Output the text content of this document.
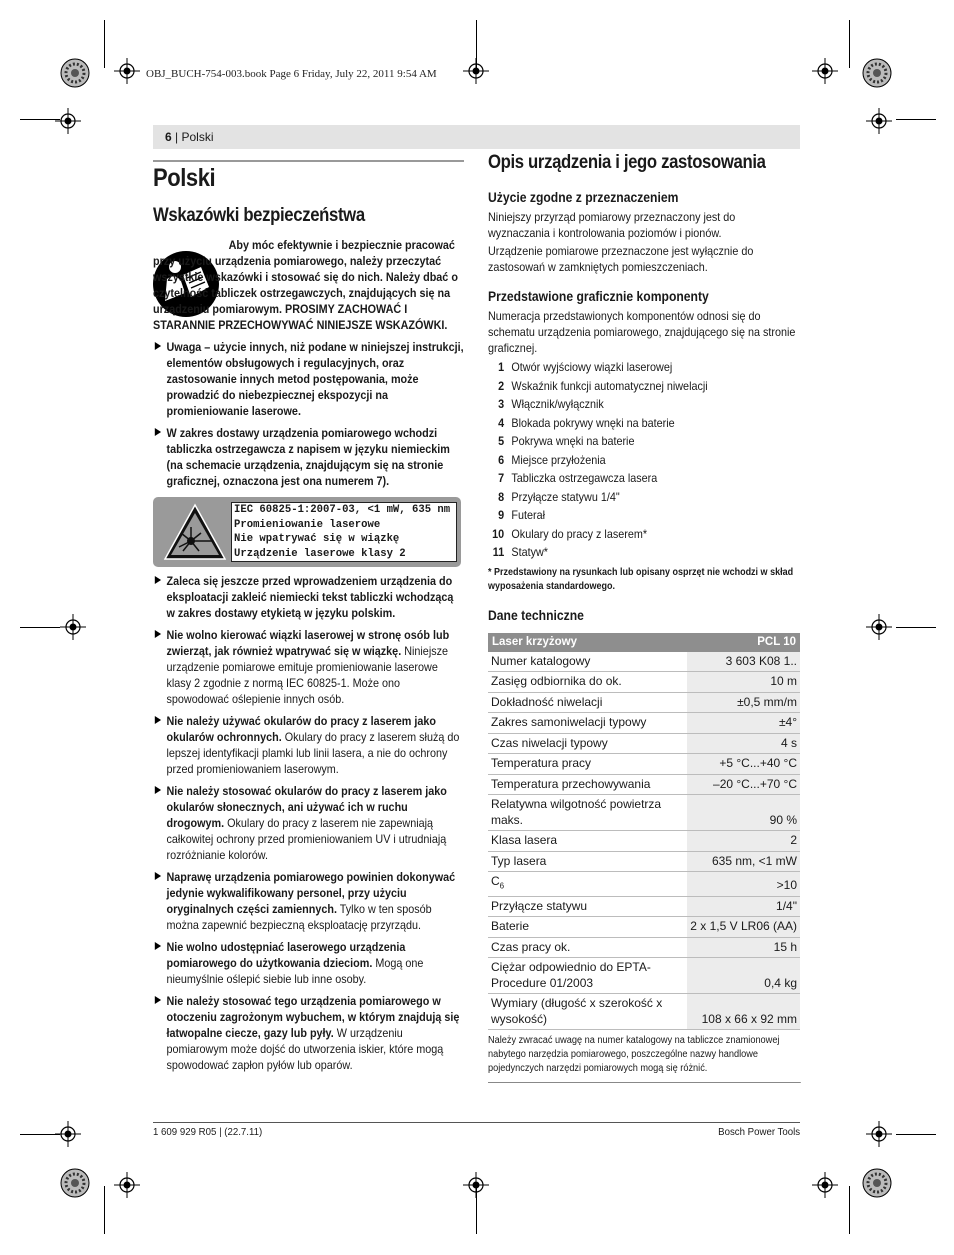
OBJ_BUCH-754-003.book Page 6 Friday, July 22, 2011 9:54 AM
6 | Polski
Polski
Wskazówki bezpieczeństwa
Aby móc efektywnie i bezpiecznie pracować przy użyciu urządzenia pomiarowego, należy przeczytać wszystkie wskazówki i stosować się do nich. Należy dbać o czytelność tabliczek ostrzegawczych, znajdujących się na urządzeniu pomiarowym. PROSIMY ZACHOWAĆ I STARANNIE PRZECHOWYWAĆ NINIEJSZE WSKAZÓWKI.
Uwaga – użycie innych, niż podane w niniejszej instrukcji, elementów obsługowych i regulacyjnych, oraz zastosowanie innych metod postępowania, może prowadzić do niebezpiecznej ekspozycji na promieniowanie laserowe.
W zakres dostawy urządzenia pomiarowego wchodzi tabliczka ostrzegawcza z napisem w języku niemieckim (na schemacie urządzenia, znajdującym się na stronie graficznej, oznaczona jest ona numerem 7).
IEC 60825-1:2007-03, <1 mW, 635 nm
Promieniowanie laserowe
Nie wpatrywać się w wiązkę
Urządzenie laserowe klasy 2
Zaleca się jeszcze przed wprowadzeniem urządzenia do eksploatacji zakleić niemiecki tekst tabliczki wchodzącą w zakres dostawy etykietą w języku polskim.
Nie wolno kierować wiązki laserowej w stronę osób lub zwierząt, jak również wpatrywać się w wiązkę. Niniejsze urządzenie pomiarowe emituje promieniowanie laserowe klasy 2 zgodnie z normą IEC 60825-1. Może ono spowodować oślepienie innych osób.
Nie należy używać okularów do pracy z laserem jako okularów ochronnych. Okulary do pracy z laserem służą do lepszej identyfikacji plamki lub linii lasera, a nie do ochrony przed promieniowaniem laserowym.
Nie należy stosować okularów do pracy z laserem jako okularów słonecznych, ani używać ich w ruchu drogowym. Okulary do pracy z laserem nie zapewniają całkowitej ochrony przed promieniowaniem UV i utrudniają rozróżnianie kolorów.
Naprawę urządzenia pomiarowego powinien dokonywać jedynie wykwalifikowany personel, przy użyciu oryginalnych części zamiennych. Tylko w ten sposób można zapewnić bezpieczną eksploatację przyrządu.
Nie wolno udostępniać laserowego urządzenia pomiarowego do użytkowania dzieciom. Mogą one nieumyślnie oślepić siebie lub inne osoby.
Nie należy stosować tego urządzenia pomiarowego w otoczeniu zagrożonym wybuchem, w którym znajdują się łatwopalne ciecze, gazy lub pyły. W urządzeniu pomiarowym może dojść do utworzenia iskier, które mogą spowodować zapłon pyłów lub oparów.
Opis urządzenia i jego zastosowania
Użycie zgodne z przeznaczeniem
Niniejszy przyrząd pomiarowy przeznaczony jest do wyznaczania i kontrolowania poziomów i pionów.
Urządzenie pomiarowe przeznaczone jest wyłącznie do zastosowań w zamkniętych pomieszczeniach.
Przedstawione graficznie komponenty
Numeracja przedstawionych komponentów odnosi się do schematu urządzenia pomiarowego, znajdującego się na stronie graficznej.
1 Otwór wyjściowy wiązki laserowej
2 Wskaźnik funkcji automatycznej niwelacji
3 Włącznik/wyłącznik
4 Blokada pokrywy wnęki na baterie
5 Pokrywa wnęki na baterie
6 Miejsce przyłożenia
7 Tabliczka ostrzegawcza lasera
8 Przyłącze statywu 1/4"
9 Futerał
10 Okulary do pracy z laserem*
11 Statyw*
* Przedstawiony na rysunkach lub opisany osprzęt nie wchodzi w skład wyposażenia standardowego.
Dane techniczne
Laser krzyżowy	PCL 10
Numer katalogowy	3 603 K08 1..
Zasięg odbiornika do ok.	10 m
Dokładność niwelacji	±0,5 mm/m
Zakres samoniwelacji typowy	±4°
Czas niwelacji typowy	4 s
Temperatura pracy	+5 °C...+40 °C
Temperatura przechowywania	–20 °C...+70 °C
Relatywna wilgotność powietrza maks.	90 %
Klasa lasera	2
Typ lasera	635 nm, <1 mW
$C_6$	>10
Przyłącze statywu	1/4"
Baterie	2 x 1,5 V LR06 (AA)
Czas pracy ok.	15 h
Ciężar odpowiednio do EPTA-Procedure 01/2003	0,4 kg
Wymiary (długość x szerokość x wysokość)	108 x 66 x 92 mm
Należy zwracać uwagę na numer katalogowy na tabliczce znamionowej nabytego narzędzia pomiarowego, poszczególne nazwy handlowe pojedynczych narzędzi pomiarowych mogą się różnić.
1 609 929 R05 | (22.7.11)	Bosch Power Tools
